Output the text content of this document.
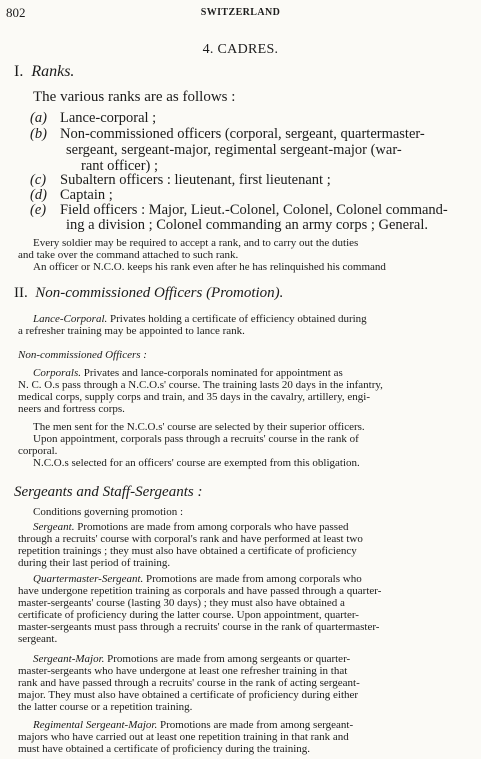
802	SWITZERLAND
4. CADRES.
I. Ranks.
The various ranks are as follows :
(a) Lance-corporal ;
(b) Non-commissioned officers (corporal, sergeant, quartermaster-
sergeant, sergeant-major, regimental sergeant-major (war-
rant officer) ;
(c) Subaltern officers : lieutenant, first lieutenant ;
(d) Captain ;
(e) Field officers : Major, Lieut.-Colonel, Colonel, Colonel command-
ing a division ; Colonel commanding an army corps ; General.
Every soldier may be required to accept a rank, and to carry out the duties
and take over the command attached to such rank.
An officer or N.C.O. keeps his rank even after he has relinquished his command
II. Non-commissioned Officers (Promotion).
Lance-Corporal. Privates holding a certificate of efficiency obtained during
a refresher training may be appointed to lance rank.
Non-commissioned Officers :
Corporals. Privates and lance-corporals nominated for appointment as
N. C. O.s pass through a N.C.O.s' course. The training lasts 20 days in the infantry,
medical corps, supply corps and train, and 35 days in the cavalry, artillery, engi-
neers and fortress corps.
The men sent for the N.C.O.s' course are selected by their superior officers.
Upon appointment, corporals pass through a recruits' course in the rank of
corporal.
N.C.O.s selected for an officers' course are exempted from this obligation.
Sergeants and Staff-Sergeants :
Conditions governing promotion :
Sergeant. Promotions are made from among corporals who have passed
through a recruits' course with corporal's rank and have performed at least two
repetition trainings ; they must also have obtained a certificate of proficiency
during their last period of training.
Quartermaster-Sergeant. Promotions are made from among corporals who
have undergone repetition training as corporals and have passed through a quarter-
master-sergeants' course (lasting 30 days) ; they must also have obtained a
certificate of proficiency during the latter course. Upon appointment, quarter-
master-sergeants must pass through a recruits' course in the rank of quartermaster-
sergeant.
Sergeant-Major. Promotions are made from among sergeants or quarter-
master-sergeants who have undergone at least one refresher training in that
rank and have passed through a recruits' course in the rank of acting sergeant-
major. They must also have obtained a certificate of proficiency during either
the latter course or a repetition training.
Regimental Sergeant-Major. Promotions are made from among sergeant-
majors who have carried out at least one repetition training in that rank and
must have obtained a certificate of proficiency during the training.
